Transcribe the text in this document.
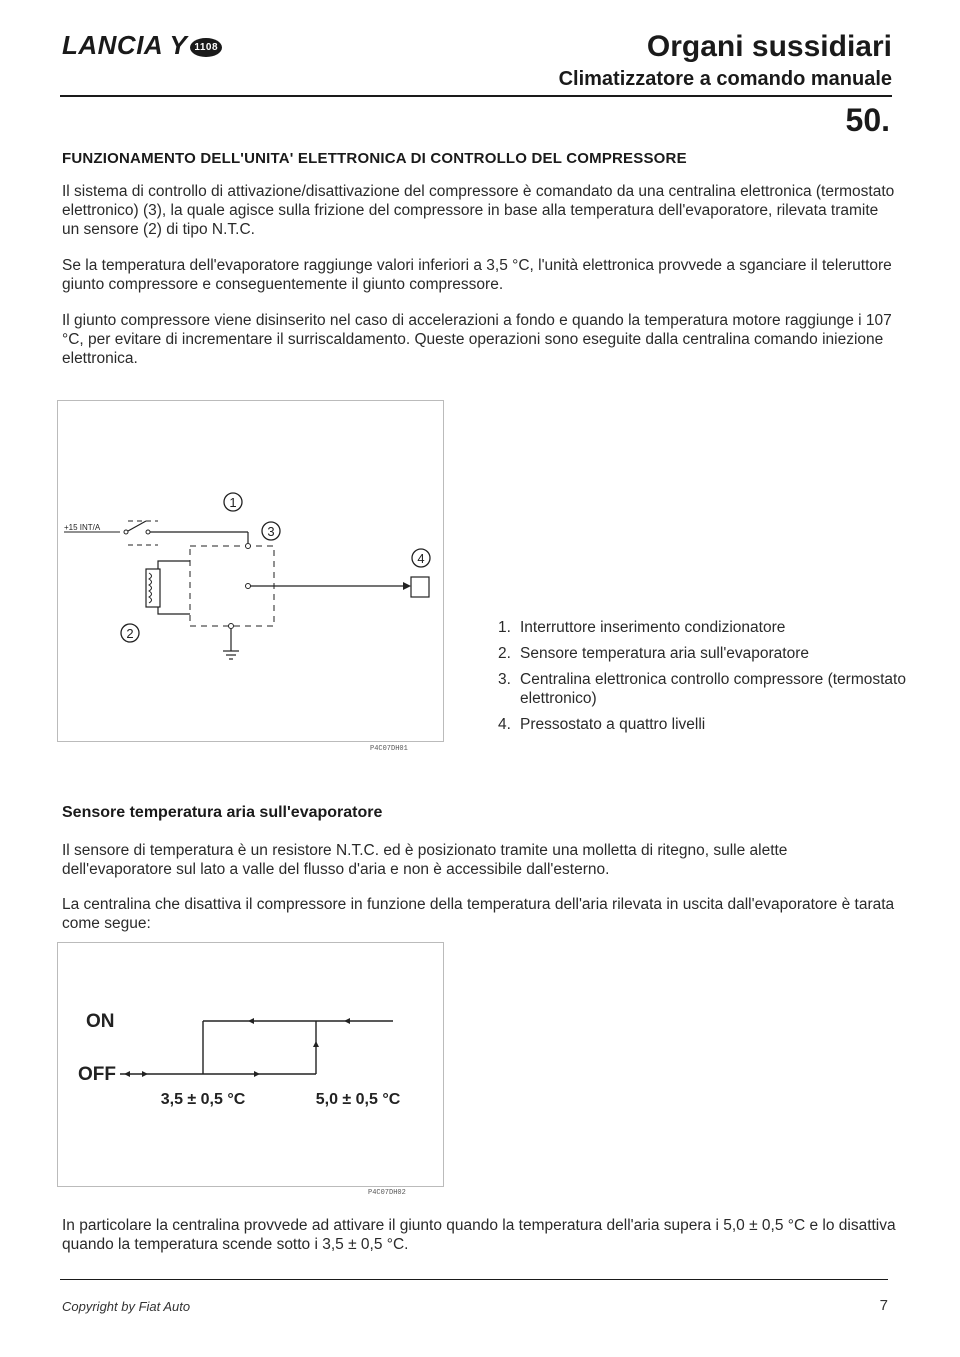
LANCIA Y 1108	Organi sussidiari
Climatizzatore a comando manuale
50.
FUNZIONAMENTO DELL'UNITA' ELETTRONICA DI CONTROLLO DEL COMPRESSORE

Il sistema di controllo di attivazione/disattivazione del compressore è comandato da una centralina elettronica (termostato elettronico) (3), la quale agisce sulla frizione del compressore in base alla temperatura dell'evaporatore, rilevata tramite un sensore (2) di tipo N.T.C.

Se la temperatura dell'evaporatore raggiunge valori inferiori a 3,5 °C, l'unità elettronica provvede a sganciare il teleruttore giunto compressore e conseguentemente il giunto compressore.

Il giunto compressore viene disinserito nel caso di accelerazioni a fondo e quando la temperatura motore raggiunge i 107 °C, per evitare di incrementare il surriscaldamento. Queste operazioni sono eseguite dalla centralina comando iniezione elettronica.

1
+15 INT/A	3
2
4
P4C07DH01
1. Interruttore inserimento condizionatore
2. Sensore temperatura aria sull'evaporatore
3. Centralina elettronica controllo compressore (termostato elettronico)
4. Pressostato a quattro livelli
Sensore temperatura aria sull'evaporatore

Il sensore di temperatura è un resistore N.T.C. ed è posizionato tramite una molletta di ritegno, sulle alette dell'evaporatore sul lato a valle del flusso d'aria e non è accessibile dall'esterno.

La centralina che disattiva il compressore in funzione della temperatura dell'aria rilevata in uscita dall'evaporatore è tarata come segue:

ON
OFF
3,5 ± 0,5 °C	5,0 ± 0,5 °C
P4C07DH02

In particolare la centralina provvede ad attivare il giunto quando la temperatura dell'aria supera i 5,0 ± 0,5 °C e lo disattiva quando la temperatura scende sotto i 3,5 ± 0,5 °C.

Copyright by Fiat Auto	7
